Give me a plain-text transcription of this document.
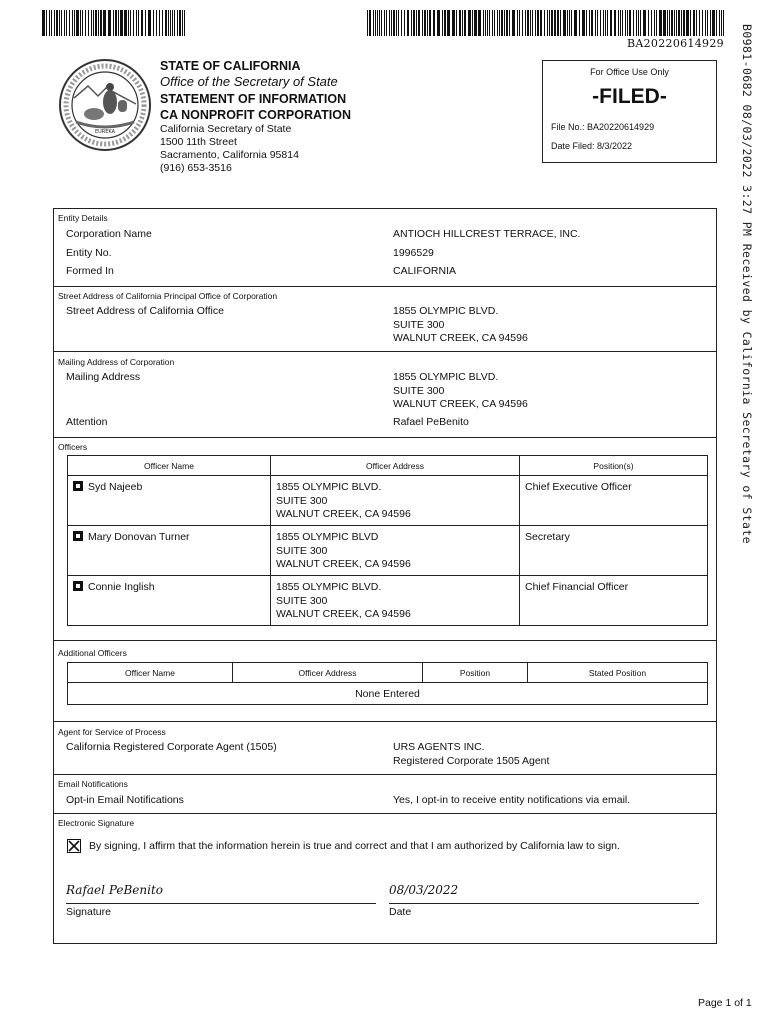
BA20220614929
EUREKA
STATE OF CALIFORNIA
Office of the Secretary of State
STATEMENT OF INFORMATION
CA NONPROFIT CORPORATION
California Secretary of State
1500 11th Street
Sacramento, California 95814
(916) 653-3516
For Office Use Only
-FILED-
File No.: BA20220614929
Date Filed: 8/3/2022	B0981-0682 08/03/2022 3:27 PM Received by California Secretary of State
Entity Details
Corporation Name	ANTIOCH HILLCREST TERRACE, INC.
Entity No.	1996529
Formed In	CALIFORNIA
Street Address of California Principal Office of Corporation
Street Address of California Office	1855 OLYMPIC BLVD.
SUITE 300
WALNUT CREEK, CA 94596
Mailing Address of Corporation
Mailing Address	1855 OLYMPIC BLVD.
SUITE 300
WALNUT CREEK, CA 94596
Attention	Rafael PeBenito
Officers
Officer Name	Officer Address	Position(s)

Syd Najeeb	1855 OLYMPIC BLVD.
SUITE 300
WALNUT CREEK, CA 94596	Chief Executive Officer

Mary Donovan Turner	1855 OLYMPIC BLVD
SUITE 300
WALNUT CREEK, CA 94596	Secretary

Connie Inglish	1855 OLYMPIC BLVD.
SUITE 300
WALNUT CREEK, CA 94596	Chief Financial Officer
Additional Officers
Officer Name	Officer Address	Position	Stated Position
None Entered
Agent for Service of Process
California Registered Corporate Agent (1505)	URS AGENTS INC.
Registered Corporate 1505 Agent
Email Notifications
Opt-in Email Notifications	Yes, I opt-in to receive entity notifications via email.
Electronic Signature
By signing, I affirm that the information herein is true and correct and that I am authorized by California law to sign.
Rafael PeBenito
Signature
08/03/2022
Date
Page 1 of 1
